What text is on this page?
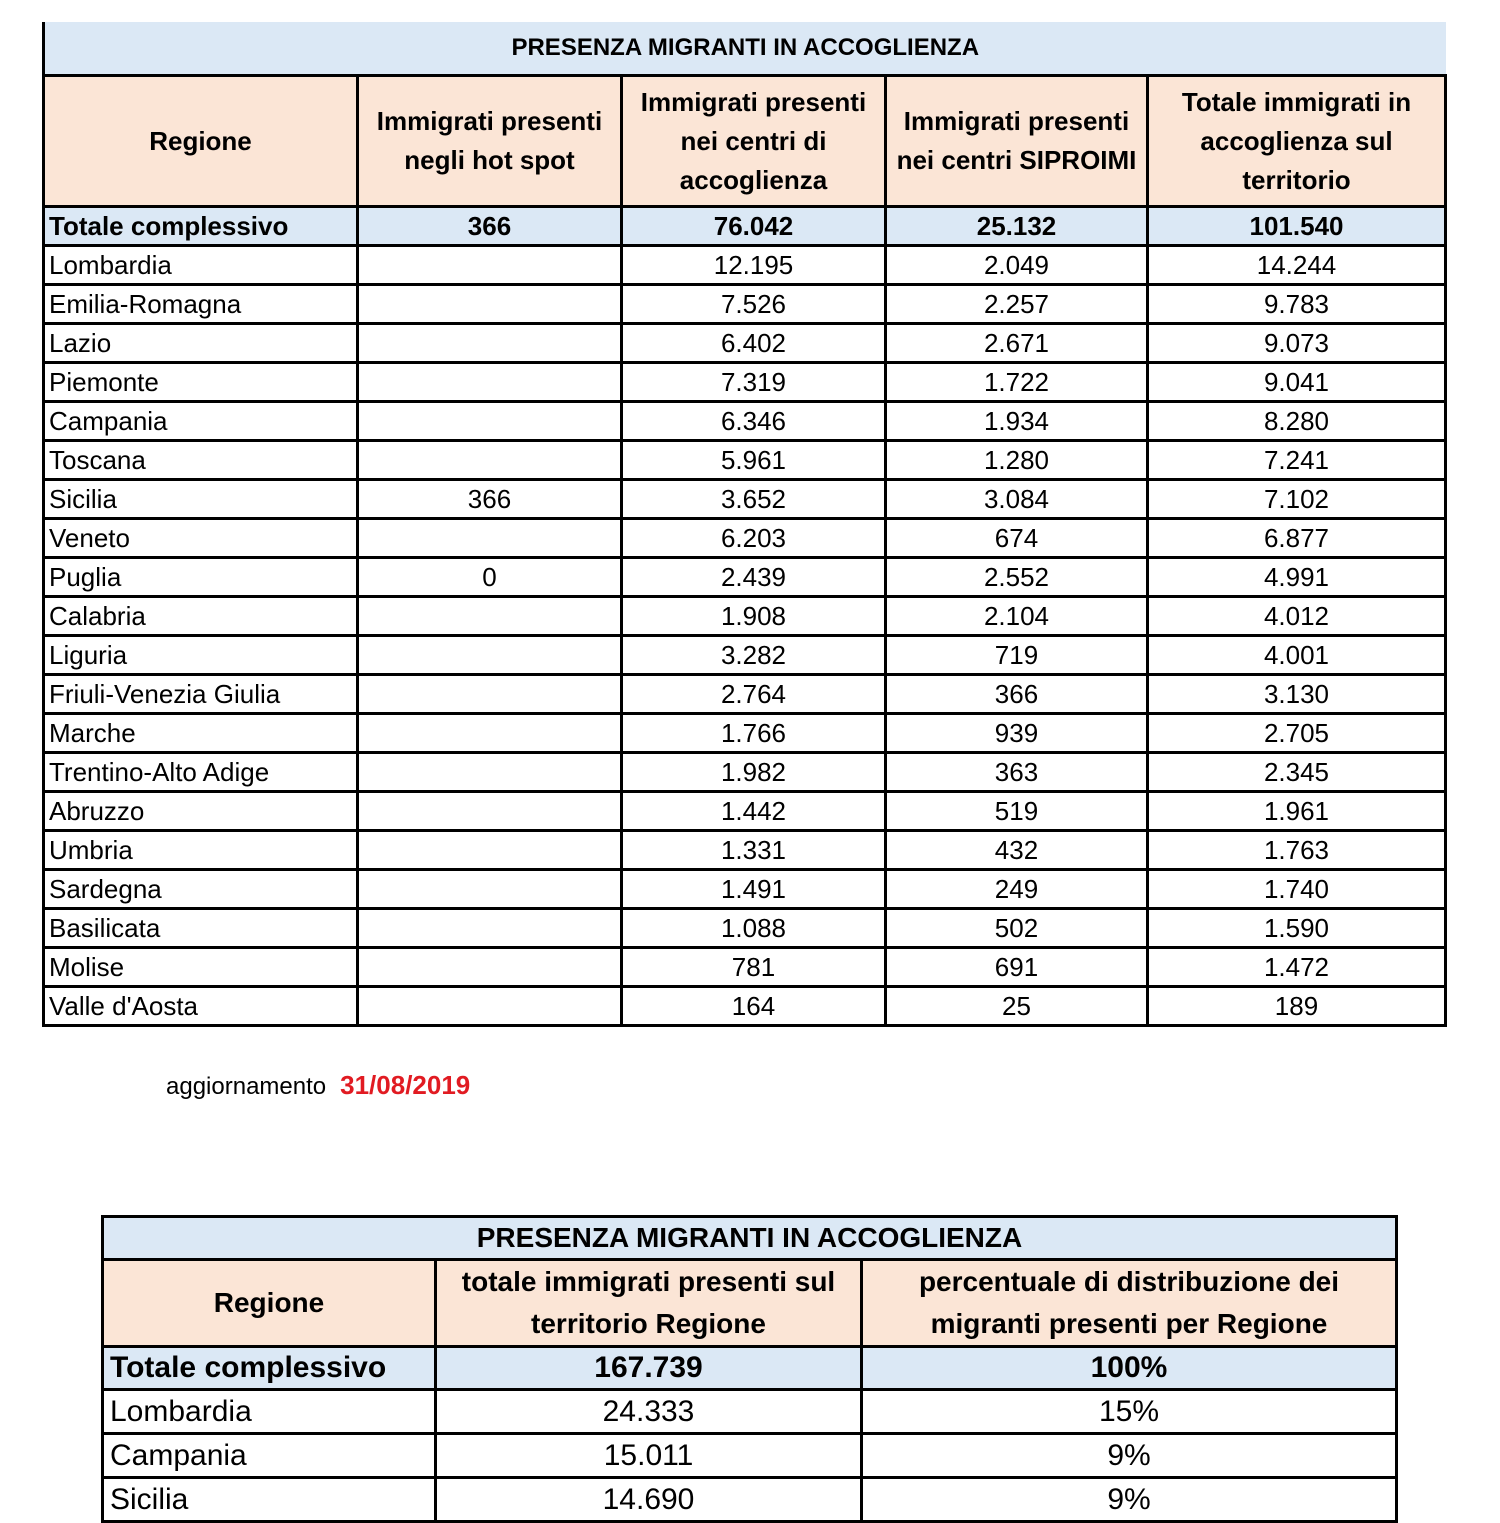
PRESENZA MIGRANTI IN ACCOGLIENZA				
Regione	Immigrati presenti negli hot spot	Immigrati presenti nei centri di accoglienza	Immigrati presenti nei centri SIPROIMI	Totale immigrati in accoglienza sul territorio
Totale complessivo	366	76.042	25.132	101.540
Lombardia		12.195	2.049	14.244
Emilia-Romagna		7.526	2.257	9.783
Lazio		6.402	2.671	9.073
Piemonte		7.319	1.722	9.041
Campania		6.346	1.934	8.280
Toscana		5.961	1.280	7.241
Sicilia	366	3.652	3.084	7.102
Veneto		6.203	674	6.877
Puglia	0	2.439	2.552	4.991
Calabria		1.908	2.104	4.012
Liguria		3.282	719	4.001
Friuli-Venezia Giulia		2.764	366	3.130
Marche		1.766	939	2.705
Trentino-Alto Adige		1.982	363	2.345
Abruzzo		1.442	519	1.961
Umbria		1.331	432	1.763
Sardegna		1.491	249	1.740
Basilicata		1.088	502	1.590
Molise		781	691	1.472
Valle d'Aosta		164	25	189
aggiornamento 31/08/2019
PRESENZA MIGRANTI IN ACCOGLIENZA		
Regione	totale immigrati presenti sul territorio Regione	percentuale di distribuzione dei migranti presenti per Regione
Totale complessivo	167.739	100%
Lombardia	24.333	15%
Campania	15.011	9%
Sicilia	14.690	9%
